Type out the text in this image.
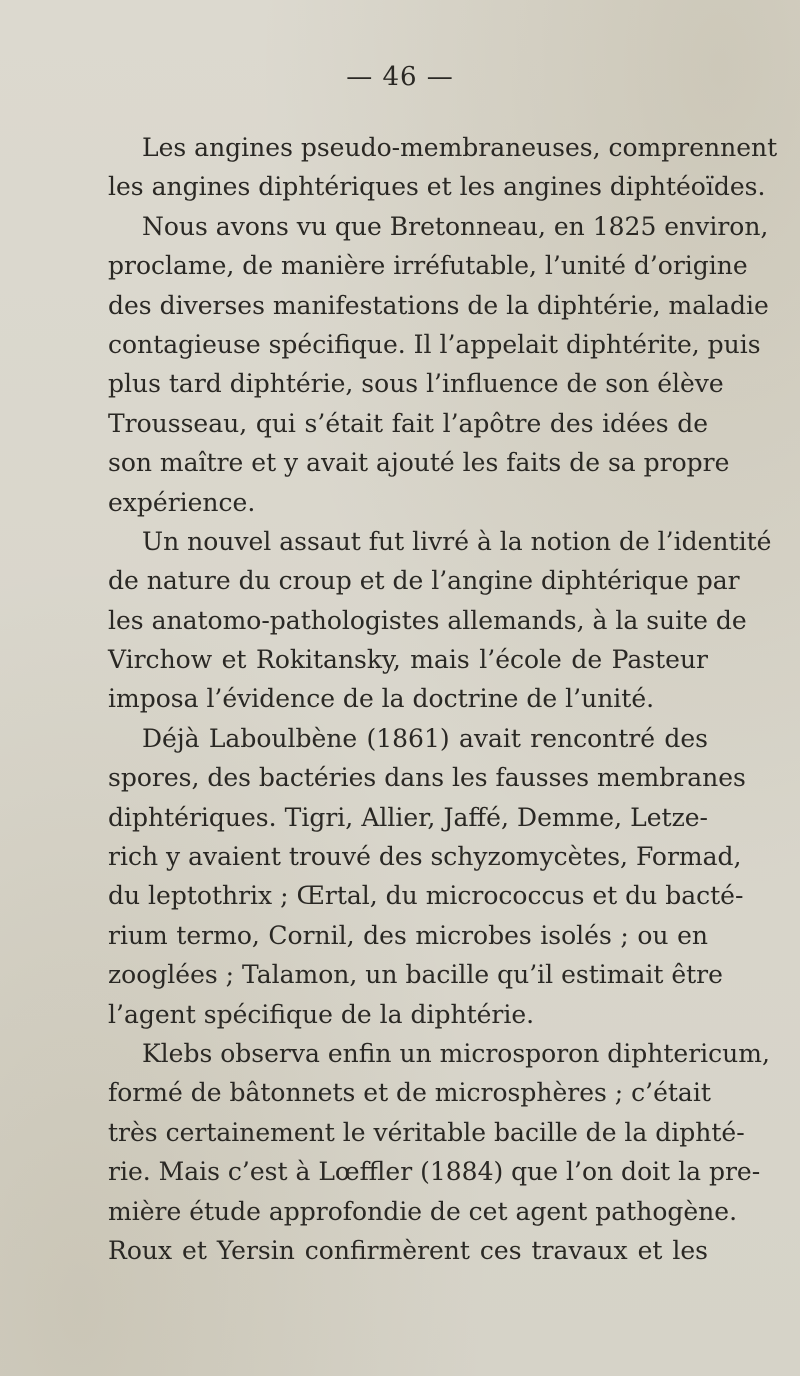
— 46 —
Les angines pseudo-membraneuses, comprennent
les angines diphtériques et les angines diphtéoïdes.
Nous avons vu que Bretonneau, en 1825 environ,
proclame, de manière irréfutable, l’unité d’origine
des diverses manifestations de la diphtérie, maladie
contagieuse spécifique. Il l’appelait diphtérite, puis
plus tard diphtérie, sous l’influence de son élève
Trousseau, qui s’était fait l’apôtre des idées de
son maître et y avait ajouté les faits de sa propre
expérience.
Un nouvel assaut fut livré à la notion de l’identité
de nature du croup et de l’angine diphtérique par
les anatomo-pathologistes allemands, à la suite de
Virchow et Rokitansky, mais l’école de Pasteur
imposa l’évidence de la doctrine de l’unité.
Déjà Laboulbène (1861) avait rencontré des
spores, des bactéries dans les fausses membranes
diphtériques. Tigri, Allier, Jaffé, Demme, Letze-
rich y avaient trouvé des schyzomycètes, Formad,
du leptothrix ; Œrtal, du micrococcus et du bacté-
rium termo, Cornil, des microbes isolés ; ou en
zooglées ; Talamon, un bacille qu’il estimait être
l’agent spécifique de la diphtérie.
Klebs observa enfin un microsporon diphtericum,
formé de bâtonnets et de microsphères ; c’était
très certainement le véritable bacille de la diphté-
rie. Mais c’est à Lœffler (1884) que l’on doit la pre-
mière étude approfondie de cet agent pathogène.
Roux et Yersin confirmèrent ces travaux et les
